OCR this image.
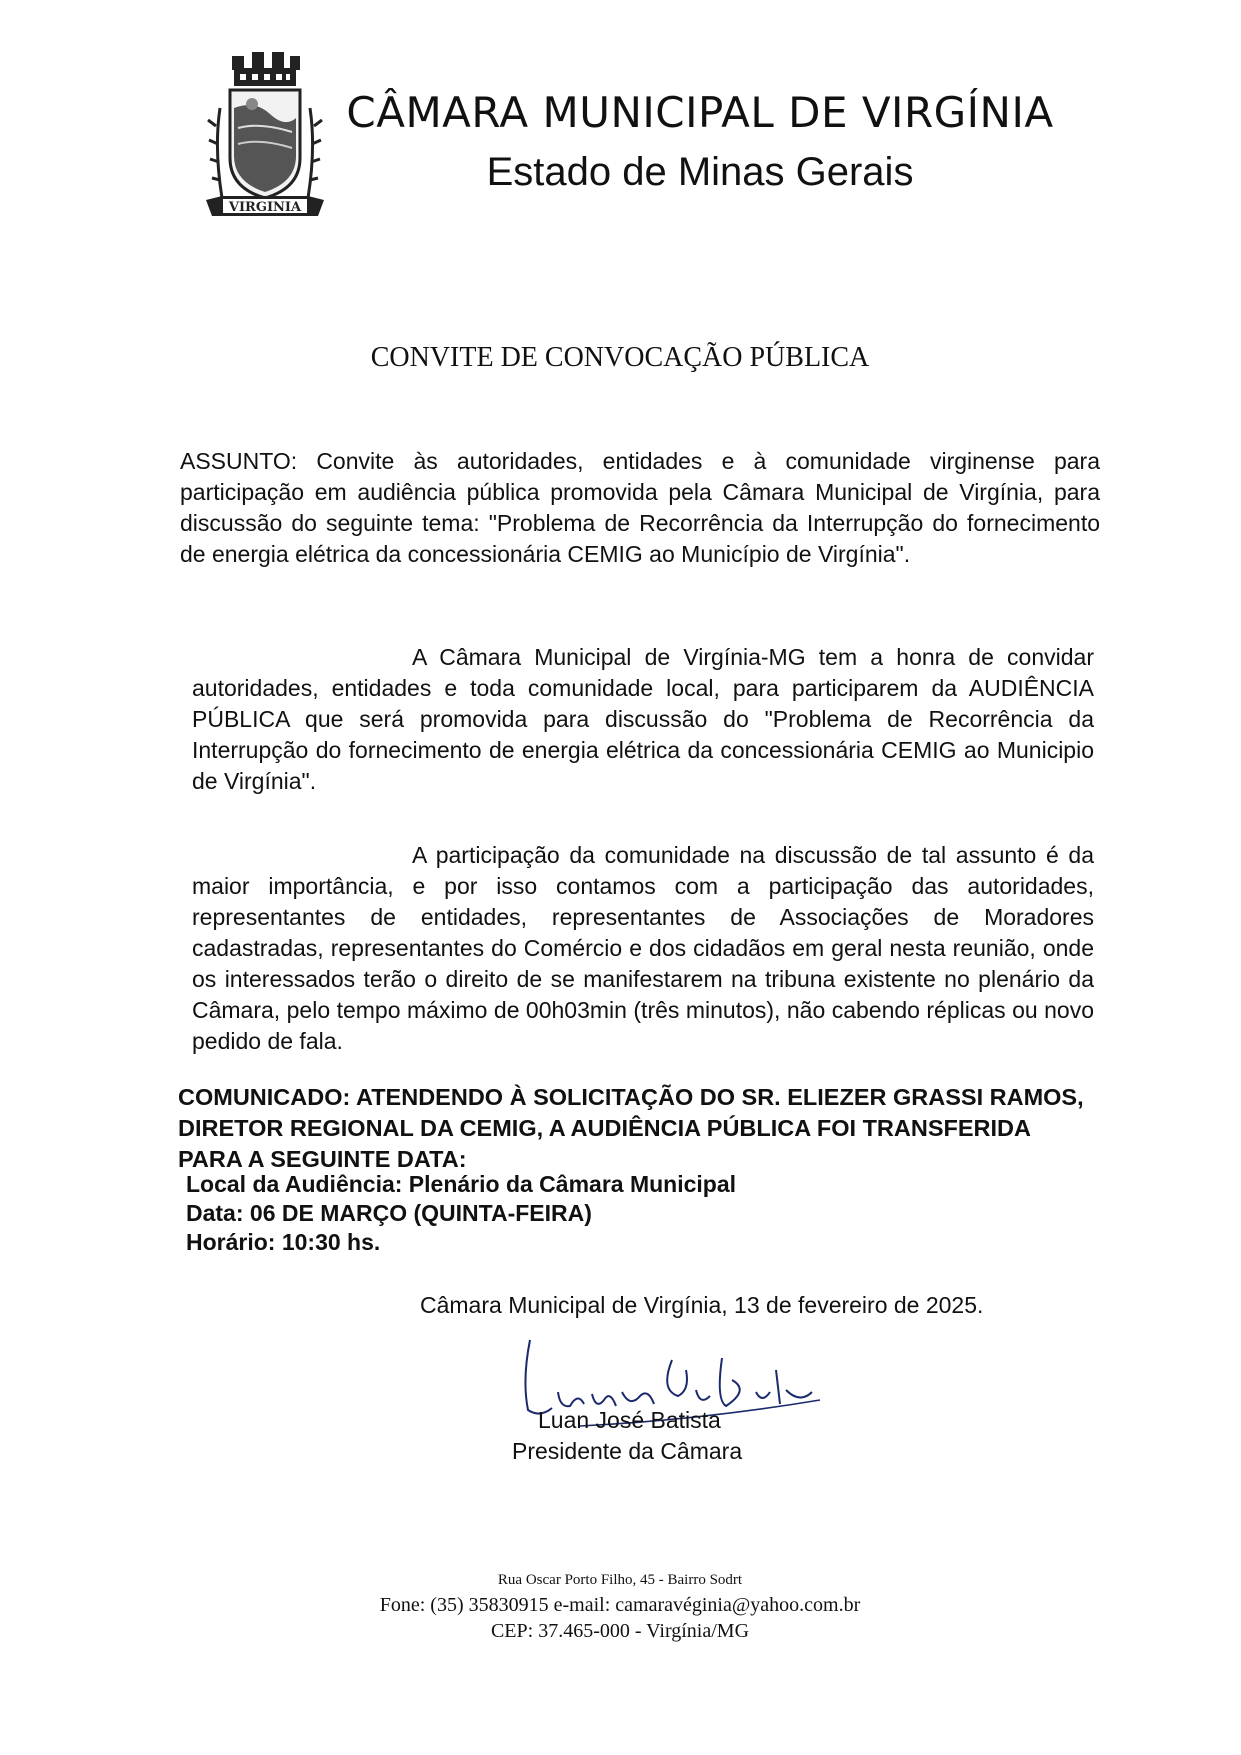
VIRGINIA
CÂMARA MUNICIPAL DE VIRGÍNIA
Estado de Minas Gerais
CONVITE DE CONVOCAÇÃO PÚBLICA
ASSUNTO: Convite às autoridades, entidades e à comunidade virginense para participação em audiência pública promovida pela Câmara Municipal de Virgínia, para discussão do seguinte tema: "Problema de Recorrência da Interrupção do fornecimento de energia elétrica da concessionária CEMIG ao Município de Virgínia".
A Câmara Municipal de Virgínia-MG tem a honra de convidar autoridades, entidades e toda comunidade local, para participarem da AUDIÊNCIA PÚBLICA que será promovida para discussão do "Problema de Recorrência da Interrupção do fornecimento de energia elétrica da concessionária CEMIG ao Municipio de Virgínia".
A participação da comunidade na discussão de tal assunto é da maior importância, e por isso contamos com a participação das autoridades, representantes de entidades, representantes de Associações de Moradores cadastradas, representantes do Comércio e dos cidadãos em geral nesta reunião, onde os interessados terão o direito de se manifestarem na tribuna existente no plenário da Câmara, pelo tempo máximo de 00h03min (três minutos), não cabendo réplicas ou novo pedido de fala.
COMUNICADO: ATENDENDO À SOLICITAÇÃO DO SR. ELIEZER GRASSI RAMOS, DIRETOR REGIONAL DA CEMIG, A AUDIÊNCIA PÚBLICA FOI TRANSFERIDA PARA A SEGUINTE DATA:
Local da Audiência: Plenário da Câmara Municipal
Data: 06 DE MARÇO (QUINTA-FEIRA)
Horário: 10:30 hs.
Câmara Municipal de Virgínia, 13 de fevereiro de 2025.
Luan José Batista
Presidente da Câmara
Rua Oscar Porto Filho, 45 - Bairro Sodrt
Fone: (35) 35830915 e-mail: camaravéginia@yahoo.com.br
CEP: 37.465-000 - Virgínia/MG
